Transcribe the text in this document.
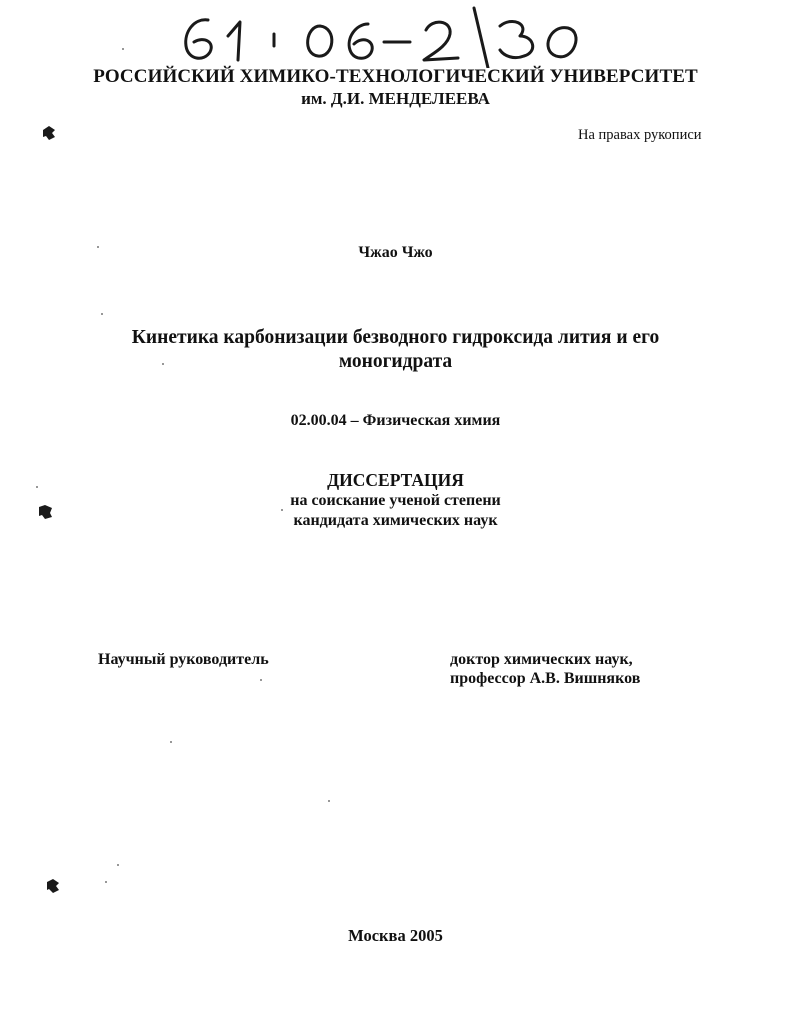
РОССИЙСКИЙ ХИМИКО-ТЕХНОЛОГИЧЕСКИЙ УНИВЕРСИТЕТ
им. Д.И. МЕНДЕЛЕЕВА
На правах рукописи
Чжао Чжо
Кинетика карбонизации безводного гидроксида лития и его
моногидрата
02.00.04 – Физическая химия
ДИССЕРТАЦИЯ
на соискание ученой степени
кандидата химических наук
Научный руководитель	доктор химических наук,
профессор А.В. Вишняков
Москва 2005
